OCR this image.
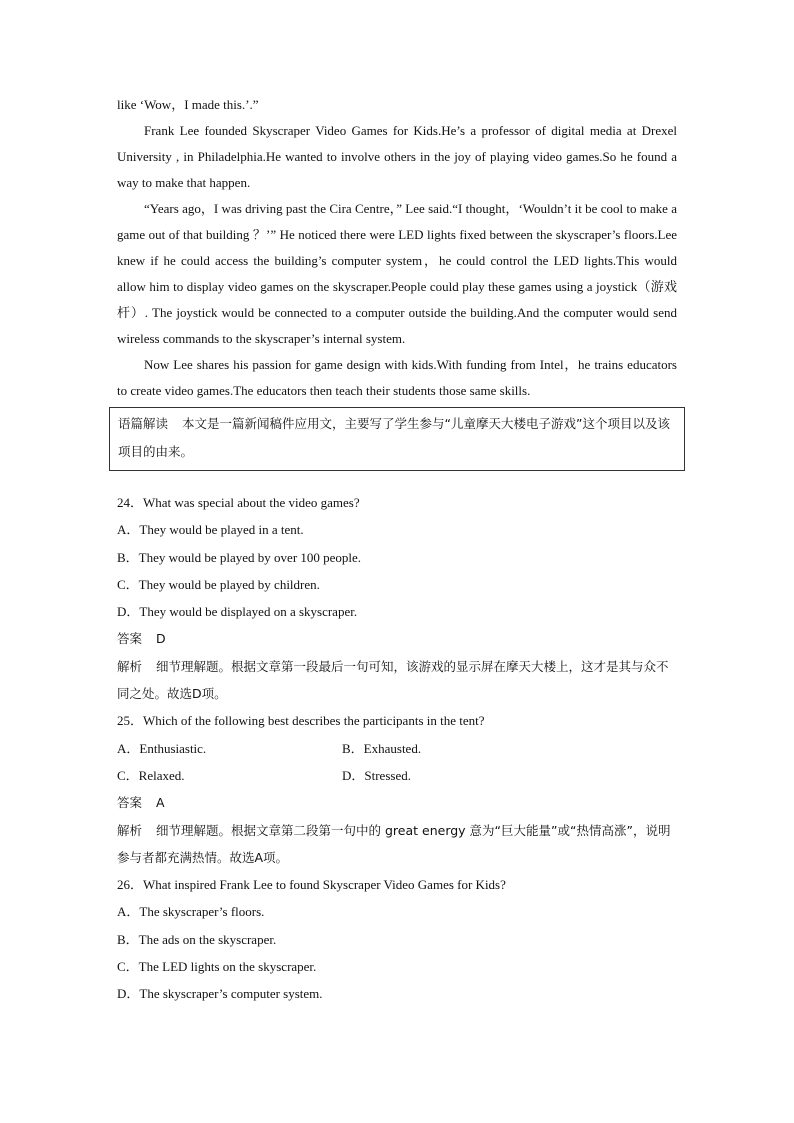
like ‘Wow，I made this.’.”

Frank Lee founded Skyscraper Video Games for Kids.He’s a professor of digital media at Drexel University , in Philadelphia.He wanted to involve others in the joy of playing video games.So he found a way to make that happen.

“Years ago，I was driving past the Cira Centre，” Lee said.“I thought，‘Wouldn’t it be cool to make a game out of that building ？’” He noticed there were LED lights fixed between the skyscraper’s floors.Lee knew if he could access the building’s computer system，he could control the LED lights.This would allow him to display video games on the skyscraper.People could play these games using a joystick（游戏杆）. The joystick would be connected to a computer outside the building.And the computer would send wireless commands to the skyscraper’s internal system.

Now Lee shares his passion for game design with kids.With funding from Intel，he trains educators to create video games.The educators then teach their students those same skills.

语篇解读 本文是一篇新闻稿件应用文，主要写了学生参与“儿童摩天大楼电子游戏”这个项目以及该项目的由来。

24．What was special about the video games?

A．They would be played in a tent.

B．They would be played by over 100 people.

C．They would be played by children.

D．They would be displayed on a skyscraper.

答案 D

解析 细节理解题。根据文章第一段最后一句可知，该游戏的显示屏在摩天大楼上，这才是其与众不同之处。故选D项。

25．Which of the following best describes the participants in the tent?

A．Enthusiastic.	B．Exhausted.
C．Relaxed.	D．Stressed.

答案 A

解析 细节理解题。根据文章第二段第一句中的 great energy 意为“巨大能量”或“热情高涨”，说明参与者都充满热情。故选A项。

26．What inspired Frank Lee to found Skyscraper Video Games for Kids?

A．The skyscraper’s floors.

B．The ads on the skyscraper.

C．The LED lights on the skyscraper.

D．The skyscraper’s computer system.
